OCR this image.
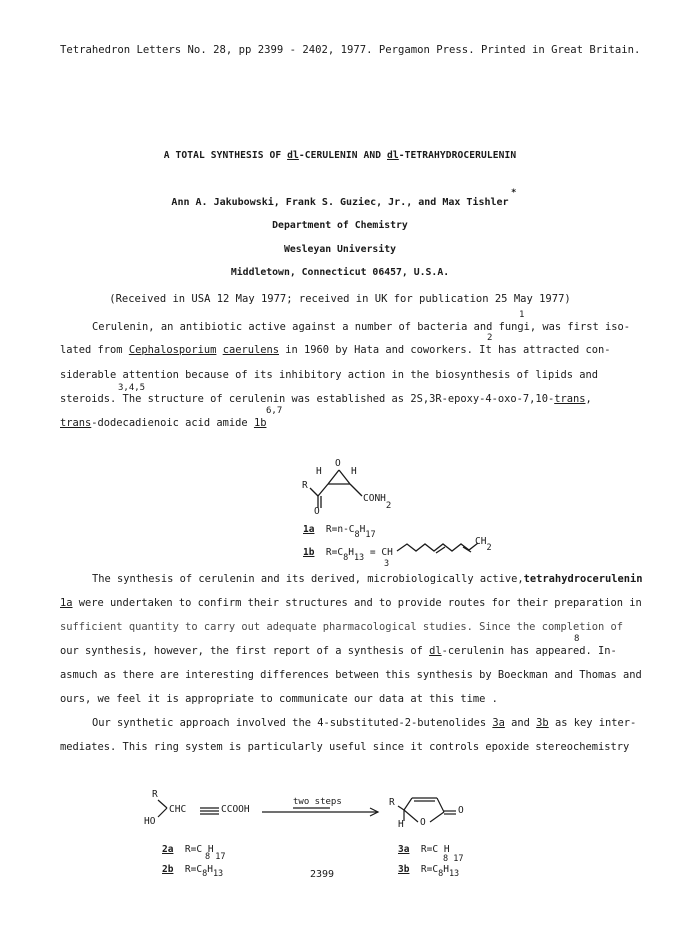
Tetrahedron Letters No. 28, pp 2399 - 2402, 1977. Pergamon Press. Printed in Great Britain.
A TOTAL SYNTHESIS OF dl-CERULENIN AND dl-TETRAHYDROCERULENIN
Ann A. Jakubowski, Frank S. Guziec, Jr., and Max Tishler
*
Department of Chemistry
Wesleyan University
Middletown, Connecticut 06457, U.S.A.
(Received in USA 12 May 1977; received in UK for publication 25 May 1977)
Cerulenin, an antibiotic active against a number of bacteria and fungi, was first iso-
1
lated from Cephalosporium caerulens in 1960 by Hata and coworkers. It has attracted con-
2
siderable attention because of its inhibitory action in the biosynthesis of lipids and
steroids. The structure of cerulenin was established as 2S,3R-epoxy-4-oxo-7,10-trans,
3,4,5
trans-dodecadienoic acid amide 1b
6,7
R
H
O
H
O
CONH2
1a R=n-C8H17
1b R=C8H13 = CH
3
CH2
The synthesis of cerulenin and its derived, microbiologically active,tetrahydrocerulenin
1a were undertaken to confirm their structures and to provide routes for their preparation in
sufficient quantity to carry out adequate pharmacological studies. Since the completion of
our synthesis, however, the first report of a synthesis of dl-cerulenin has appeared. In-
8
asmuch as there are interesting differences between this synthesis by Boeckman and Thomas and
ours, we feel it is appropriate to communicate our data at this time .
Our synthetic approach involved the 4-substituted-2-butenolides 3a and 3b as key inter-
mediates. This ring system is particularly useful since it controls epoxide stereochemistry
R
CHC	CCOOH
HO
two steps	R
H O
O
2a R=C H
8 17
2b R=C8H13
3a R=C H
8 17
3b R=C8H13
2399
